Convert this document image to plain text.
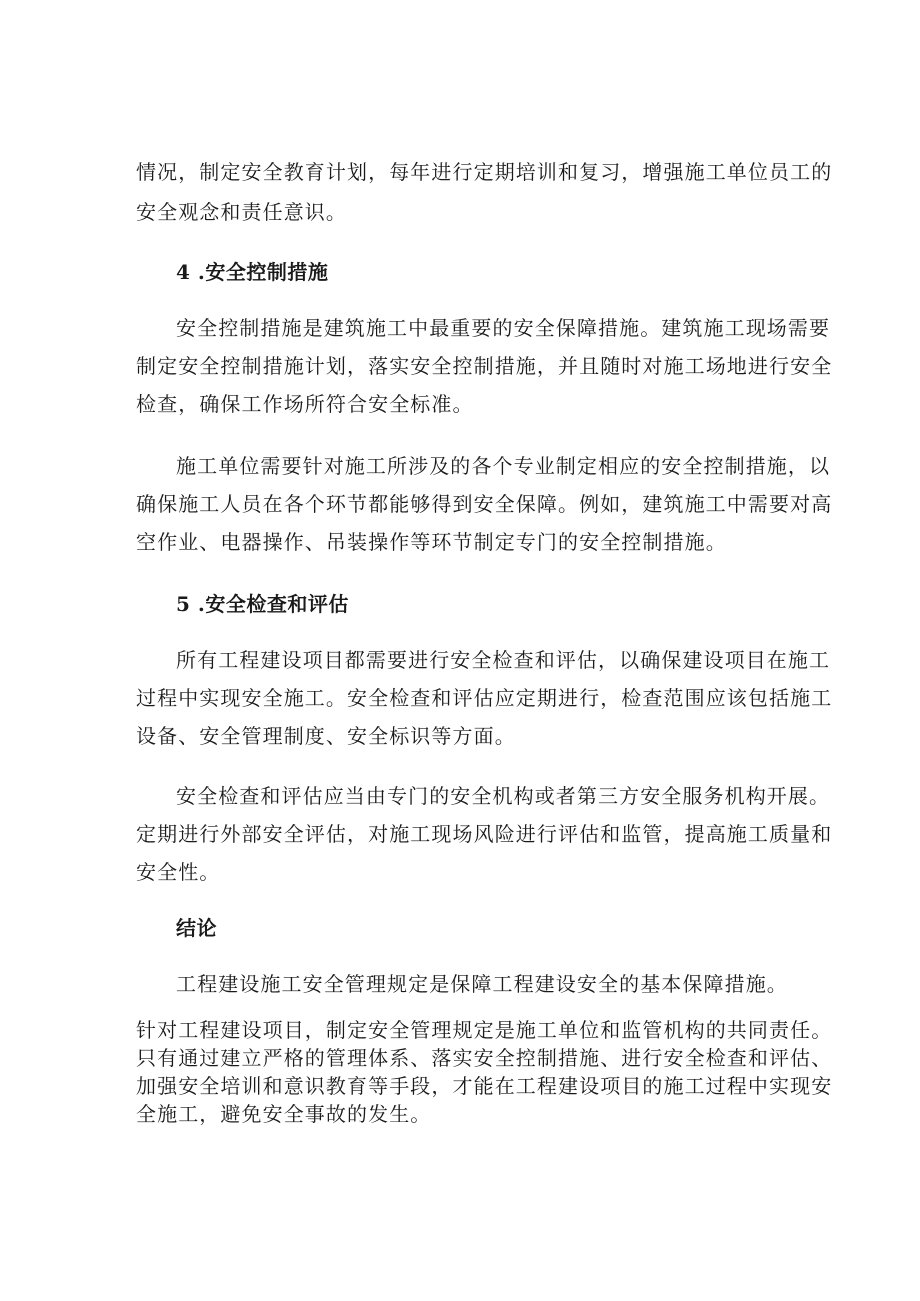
情况，制定安全教育计划，每年进行定期培训和复习，增强施工单位员工的

安全观念和责任意识。

4 .安全控制措施

安全控制措施是建筑施工中最重要的安全保障措施。建筑施工现场需要

制定安全控制措施计划，落实安全控制措施，并且随时对施工场地进行安全

检查，确保工作场所符合安全标准。

施工单位需要针对施工所涉及的各个专业制定相应的安全控制措施，以

确保施工人员在各个环节都能够得到安全保障。例如，建筑施工中需要对高

空作业、电器操作、吊装操作等环节制定专门的安全控制措施。

5 .安全检查和评估

所有工程建设项目都需要进行安全检查和评估，以确保建设项目在施工

过程中实现安全施工。安全检查和评估应定期进行，检查范围应该包括施工

设备、安全管理制度、安全标识等方面。

安全检查和评估应当由专门的安全机构或者第三方安全服务机构开展。

定期进行外部安全评估，对施工现场风险进行评估和监管，提高施工质量和

安全性。

结论

工程建设施工安全管理规定是保障工程建设安全的基本保障措施。

针对工程建设项目，制定安全管理规定是施工单位和监管机构的共同责任。

只有通过建立严格的管理体系、落实安全控制措施、进行安全检查和评估、

加强安全培训和意识教育等手段，才能在工程建设项目的施工过程中实现安

全施工，避免安全事故的发生。
